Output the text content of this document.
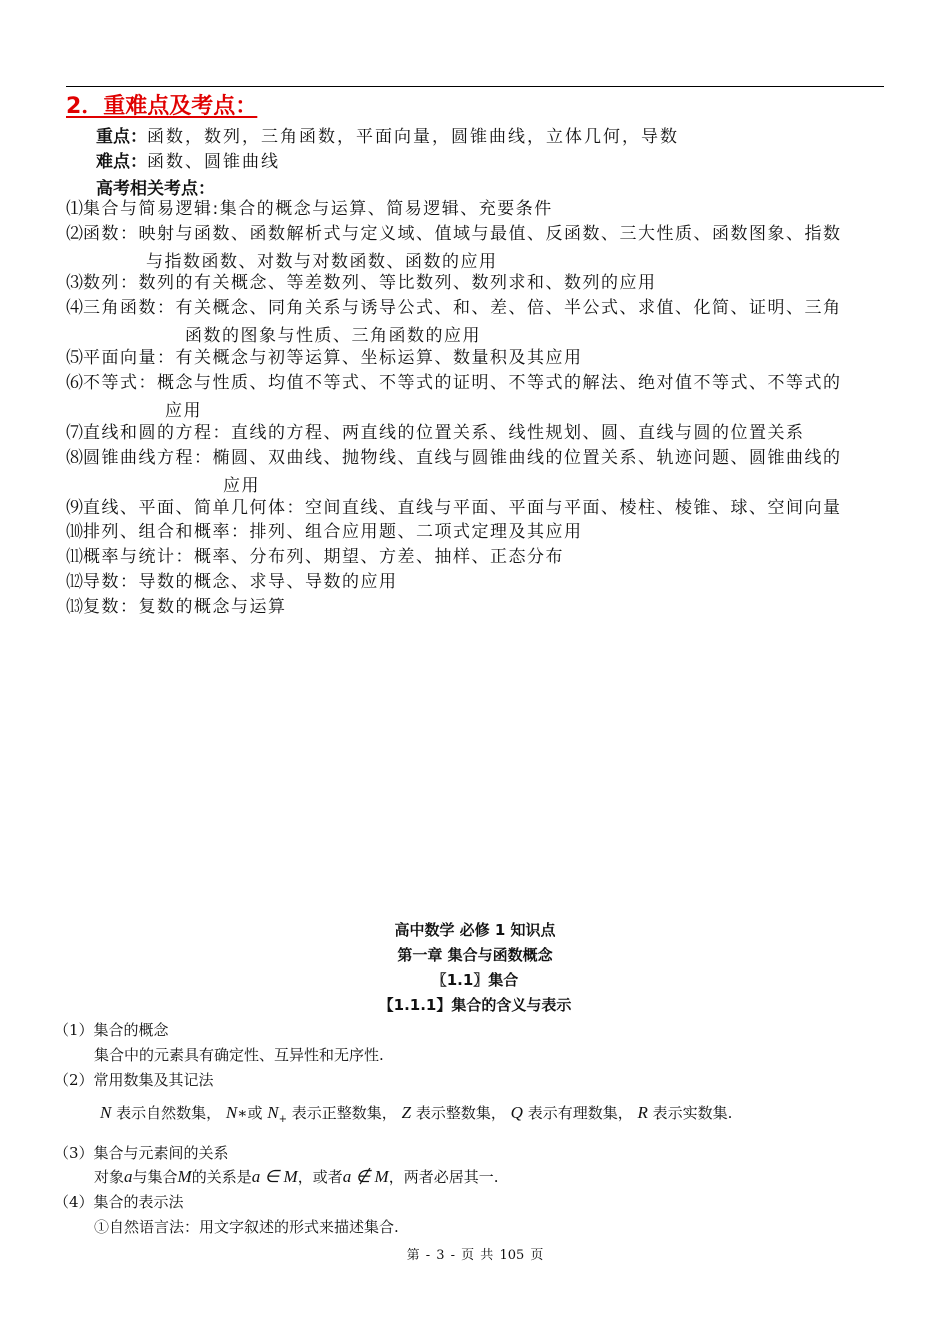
2．重难点及考点：
重点：函数，数列，三角函数，平面向量，圆锥曲线，立体几何，导数
难点：函数、圆锥曲线
高考相关考点：
⑴集合与简易逻辑:集合的概念与运算、简易逻辑、充要条件
⑵函数：映射与函数、函数解析式与定义域、值域与最值、反函数、三大性质、函数图象、指数
与指数函数、对数与对数函数、函数的应用
⑶数列：数列的有关概念、等差数列、等比数列、数列求和、数列的应用
⑷三角函数：有关概念、同角关系与诱导公式、和、差、倍、半公式、求值、化简、证明、三角
函数的图象与性质、三角函数的应用
⑸平面向量：有关概念与初等运算、坐标运算、数量积及其应用
⑹不等式：概念与性质、均值不等式、不等式的证明、不等式的解法、绝对值不等式、不等式的
应用
⑺直线和圆的方程：直线的方程、两直线的位置关系、线性规划、圆、直线与圆的位置关系
⑻圆锥曲线方程：椭圆、双曲线、抛物线、直线与圆锥曲线的位置关系、轨迹问题、圆锥曲线的
应用
⑼直线、平面、简单几何体：空间直线、直线与平面、平面与平面、棱柱、棱锥、球、空间向量
⑽排列、组合和概率：排列、组合应用题、二项式定理及其应用
⑾概率与统计：概率、分布列、期望、方差、抽样、正态分布
⑿导数：导数的概念、求导、导数的应用
⒀复数：复数的概念与运算
高中数学 必修 1 知识点
第一章 集合与函数概念
〖1.1〗集合
【1.1.1】集合的含义与表示
（1）集合的概念
集合中的元素具有确定性、互异性和无序性.
（2）常用数集及其记法
N 表示自然数集， N∗或 $N_+$ 表示正整数集， Z 表示整数集， Q 表示有理数集， R 表示实数集.
（3）集合与元素间的关系
对象a与集合M的关系是a ∈ M，或者a ∉ M，两者必居其一.
（4）集合的表示法
①自然语言法：用文字叙述的形式来描述集合.
第 - 3 - 页 共 105 页
